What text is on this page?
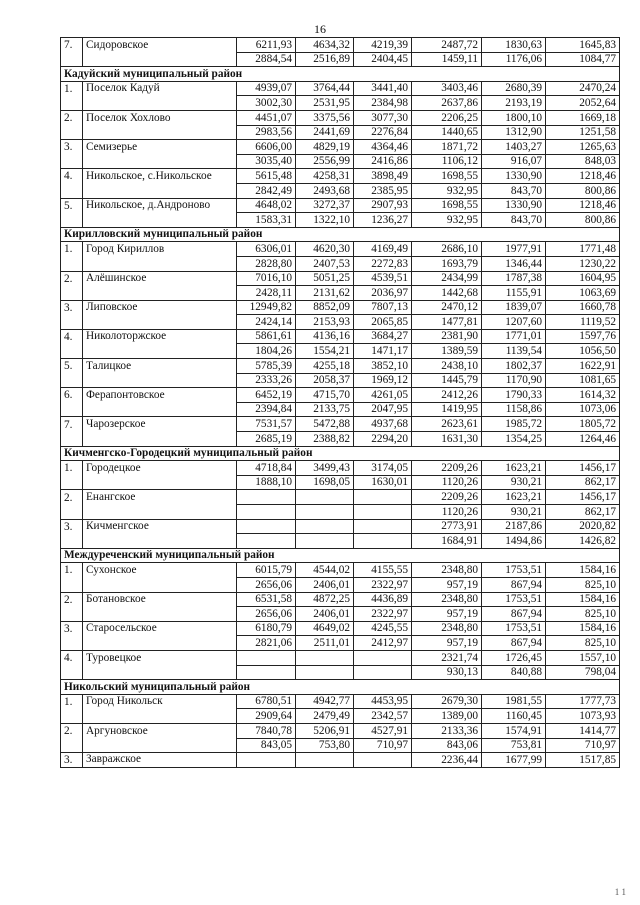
16
7.	Сидоровское	6211,93	4634,32	4219,39	2487,72	1830,63	1645,83
		2884,54	2516,89	2404,45	1459,11	1176,06	1084,77
Кадуйский муниципальный район							
1.	Поселок Кадуй	4939,07	3764,44	3441,40	3403,46	2680,39	2470,24
		3002,30	2531,95	2384,98	2637,86	2193,19	2052,64
2.	Поселок Хохлово	4451,07	3375,56	3077,30	2206,25	1800,10	1669,18
		2983,56	2441,69	2276,84	1440,65	1312,90	1251,58
3.	Семизерье	6606,00	4829,19	4364,46	1871,72	1403,27	1265,63
		3035,40	2556,99	2416,86	1106,12	916,07	848,03
4.	Никольское, с.Никольское	5615,48	4258,31	3898,49	1698,55	1330,90	1218,46
		2842,49	2493,68	2385,95	932,95	843,70	800,86
5.	Никольское, д.Андроново	4648,02	3272,37	2907,93	1698,55	1330,90	1218,46
		1583,31	1322,10	1236,27	932,95	843,70	800,86
Кирилловский муниципальный район							
1.	Город Кириллов	6306,01	4620,30	4169,49	2686,10	1977,91	1771,48
		2828,80	2407,53	2272,83	1693,79	1346,44	1230,22
2.	Алёшинское	7016,10	5051,25	4539,51	2434,99	1787,38	1604,95
		2428,11	2131,62	2036,97	1442,68	1155,91	1063,69
3.	Липовское	12949,82	8852,09	7807,13	2470,12	1839,07	1660,78
		2424,14	2153,93	2065,85	1477,81	1207,60	1119,52
4.	Николоторжское	5861,61	4136,16	3684,27	2381,90	1771,01	1597,76
		1804,26	1554,21	1471,17	1389,59	1139,54	1056,50
5.	Талицкое	5785,39	4255,18	3852,10	2438,10	1802,37	1622,91
		2333,26	2058,37	1969,12	1445,79	1170,90	1081,65
6.	Ферапонтовское	6452,19	4715,70	4261,05	2412,26	1790,33	1614,32
		2394,84	2133,75	2047,95	1419,95	1158,86	1073,06
7.	Чарозерское	7531,57	5472,88	4937,68	2623,61	1985,72	1805,72
		2685,19	2388,82	2294,20	1631,30	1354,25	1264,46
Кичменгско-Городецкий муниципальный район							
1.	Городецкое	4718,84	3499,43	3174,05	2209,26	1623,21	1456,17
		1888,10	1698,05	1630,01	1120,26	930,21	862,17
2.	Енангское				2209,26	1623,21	1456,17
					1120,26	930,21	862,17
3.	Кичменгское				2773,91	2187,86	2020,82
					1684,91	1494,86	1426,82
Междуреченский муниципальный район							
1.	Сухонское	6015,79	4544,02	4155,55	2348,80	1753,51	1584,16
		2656,06	2406,01	2322,97	957,19	867,94	825,10
2.	Ботановское	6531,58	4872,25	4436,89	2348,80	1753,51	1584,16
		2656,06	2406,01	2322,97	957,19	867,94	825,10
3.	Старосельское	6180,79	4649,02	4245,55	2348,80	1753,51	1584,16
		2821,06	2511,01	2412,97	957,19	867,94	825,10
4.	Туровецкое				2321,74	1726,45	1557,10
					930,13	840,88	798,04
Никольский муниципальный район							
1.	Город Никольск	6780,51	4942,77	4453,95	2679,30	1981,55	1777,73
		2909,64	2479,49	2342,57	1389,00	1160,45	1073,93
2.	Аргуновское	7840,78	5206,91	4527,91	2133,36	1574,91	1414,77
		843,05	753,80	710,97	843,06	753,81	710,97
3.	Завражское				2236,44	1677,99	1517,85
1 1
